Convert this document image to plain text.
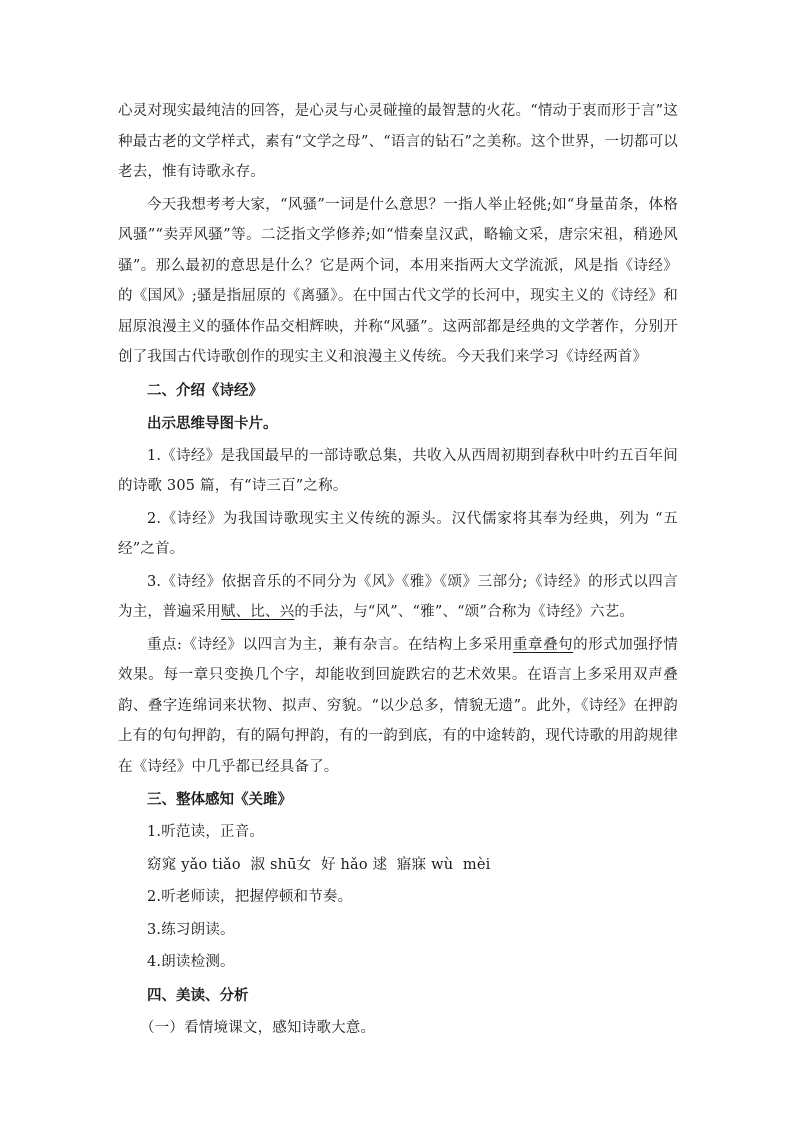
心灵对现实最纯洁的回答，是心灵与心灵碰撞的最智慧的火花。“情动于衷而形于言”这种最古老的文学样式，素有“文学之母”、“语言的钻石”之美称。这个世界，一切都可以老去，惟有诗歌永存。

今天我想考考大家，“风骚”一词是什么意思？一指人举止轻佻;如“身量苗条，体格风骚”“卖弄风骚”等。二泛指文学修养;如“惜秦皇汉武，略输文采，唐宗宋祖，稍逊风骚”。那么最初的意思是什么？它是两个词，本用来指两大文学流派，风是指《诗经》的《国风》;骚是指屈原的《离骚》。在中国古代文学的长河中，现实主义的《诗经》和屈原浪漫主义的骚体作品交相辉映，并称“风骚”。这两部都是经典的文学著作，分别开创了我国古代诗歌创作的现实主义和浪漫主义传统。今天我们来学习《诗经两首》

二、介绍《诗经》

出示思维导图卡片。

1.《诗经》是我国最早的一部诗歌总集，共收入从西周初期到春秋中叶约五百年间的诗歌 305 篇，有“诗三百”之称。

2.《诗经》为我国诗歌现实主义传统的源头。汉代儒家将其奉为经典，列为 “五经”之首。

3.《诗经》依据音乐的不同分为《风》《雅》《颂》三部分;《诗经》的形式以四言为主，普遍采用赋、比、兴的手法，与“风”、“雅”、“颂”合称为《诗经》六艺。

重点:《诗经》以四言为主，兼有杂言。在结构上多采用重章叠句的形式加强抒情效果。每一章只变换几个字，却能收到回旋跌宕的艺术效果。在语言上多采用双声叠韵、叠字连绵词来状物、拟声、穷貌。“以少总多，情貌无遗”。此外，《诗经》在押韵上有的句句押韵，有的隔句押韵，有的一韵到底，有的中途转韵，现代诗歌的用韵规律在《诗经》中几乎都已经具备了。

三、整体感知《关雎》

1.听范读，正音。

窈窕 yǎo tiǎo  淑 shū女  好 hǎo 逑  寤寐 wù  mèi

2.听老师读，把握停顿和节奏。

3.练习朗读。

4.朗读检测。

四、美读、分析

（一）看情境课文，感知诗歌大意。
